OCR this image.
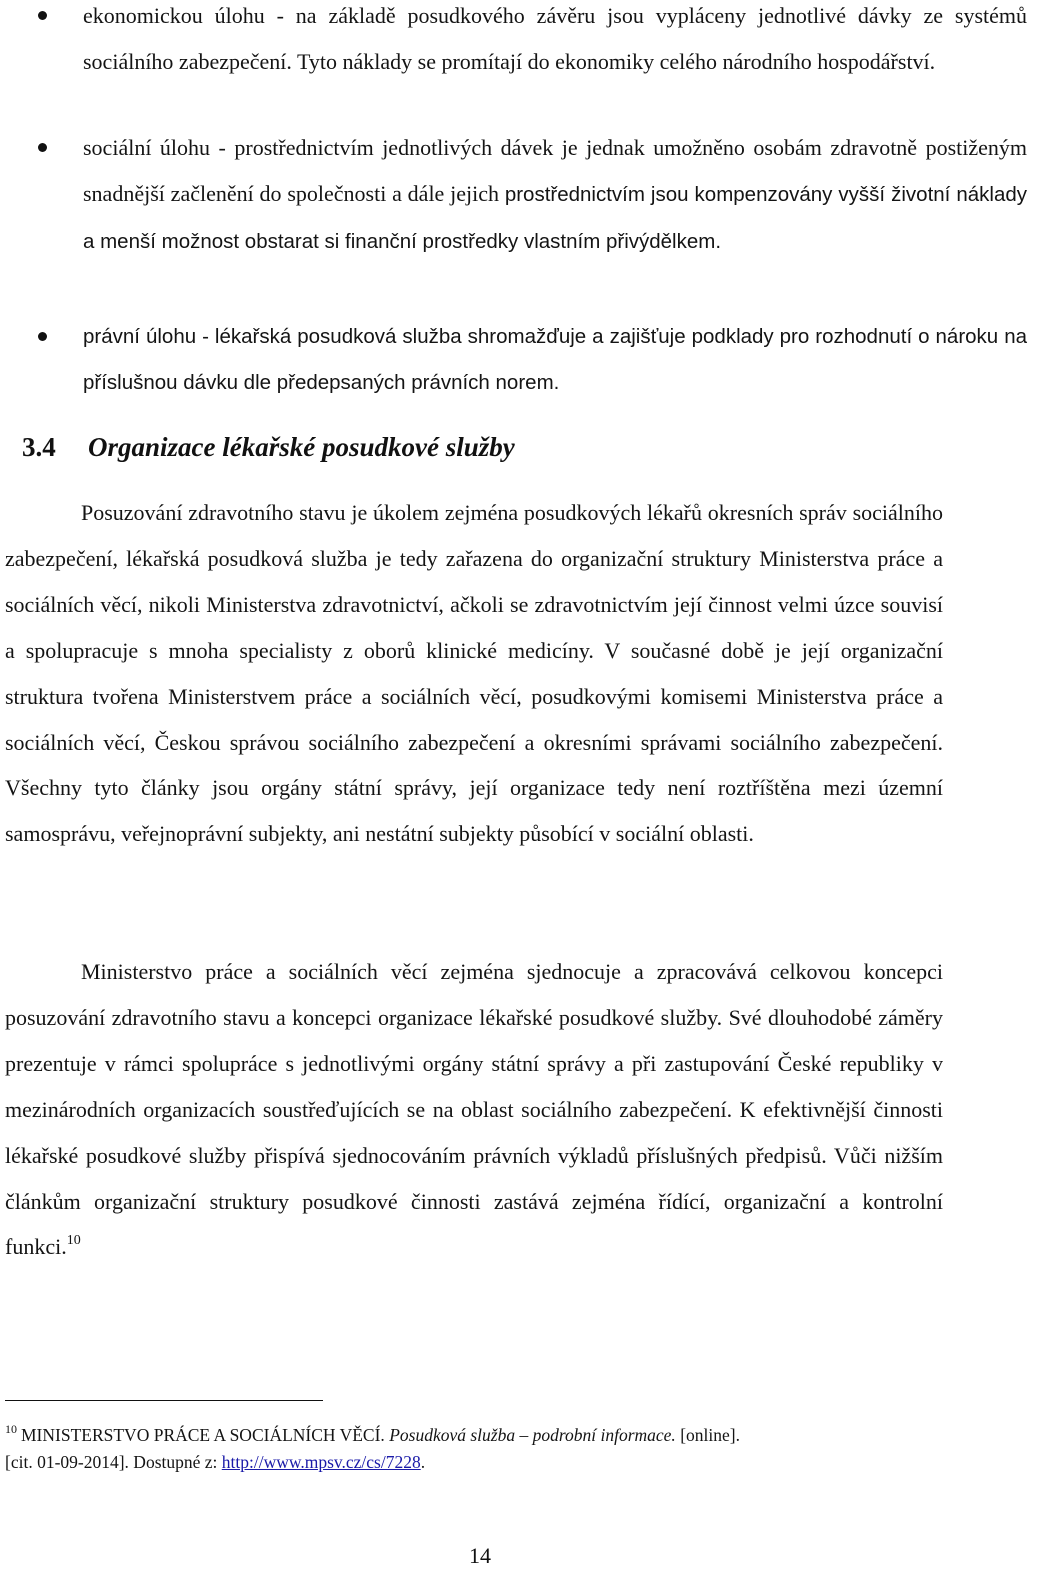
ekonomickou úlohu - na základě posudkového závěru jsou vypláceny jednotlivé dávky ze systémů sociálního zabezpečení. Tyto náklady se promítají do ekonomiky celého národního hospodářství.
sociální úlohu - prostřednictvím jednotlivých dávek je jednak umožněno osobám zdravotně postiženým snadnější začlenění do společnosti a dále jejich prostřednictvím jsou kompenzovány vyšší životní náklady a menší možnost obstarat si finanční prostředky vlastním přivýdělkem.
právní úlohu - lékařská posudková služba shromažďuje a zajišťuje podklady pro rozhodnutí o nároku na příslušnou dávku dle předepsaných právních norem.
3.4 Organizace lékařské posudkové služby

Posuzování zdravotního stavu je úkolem zejména posudkových lékařů okresních správ sociálního zabezpečení, lékařská posudková služba je tedy zařazena do organizační struktury Ministerstva práce a sociálních věcí, nikoli Ministerstva zdravotnictví, ačkoli se zdravotnictvím její činnost velmi úzce souvisí a spolupracuje s mnoha specialisty z oborů klinické medicíny. V současné době je její organizační struktura tvořena Ministerstvem práce a sociálních věcí, posudkovými komisemi Ministerstva práce a sociálních věcí, Českou správou sociálního zabezpečení a okresními správami sociálního zabezpečení. Všechny tyto články jsou orgány státní správy, její organizace tedy není roztříštěna mezi územní samosprávu, veřejnoprávní subjekty, ani nestátní subjekty působící v sociální oblasti.

Ministerstvo práce a sociálních věcí zejména sjednocuje a zpracovává celkovou koncepci posuzování zdravotního stavu a koncepci organizace lékařské posudkové služby. Své dlouhodobé záměry prezentuje v rámci spolupráce s jednotlivými orgány státní správy a při zastupování České republiky v mezinárodních organizacích soustřeďujících se na oblast sociálního zabezpečení. K efektivnější činnosti lékařské posudkové služby přispívá sjednocováním právních výkladů příslušných předpisů. Vůči nižším článkům organizační struktury posudkové činnosti zastává zejména řídící, organizační a kontrolní funkci.$^{10}$

$^{10}$ MINISTERSTVO PRÁCE A SOCIÁLNÍCH VĚCÍ. Posudková služba – podrobní informace. [online].
[cit. 01-09-2014]. Dostupné z: http://www.mpsv.cz/cs/7228.

14
